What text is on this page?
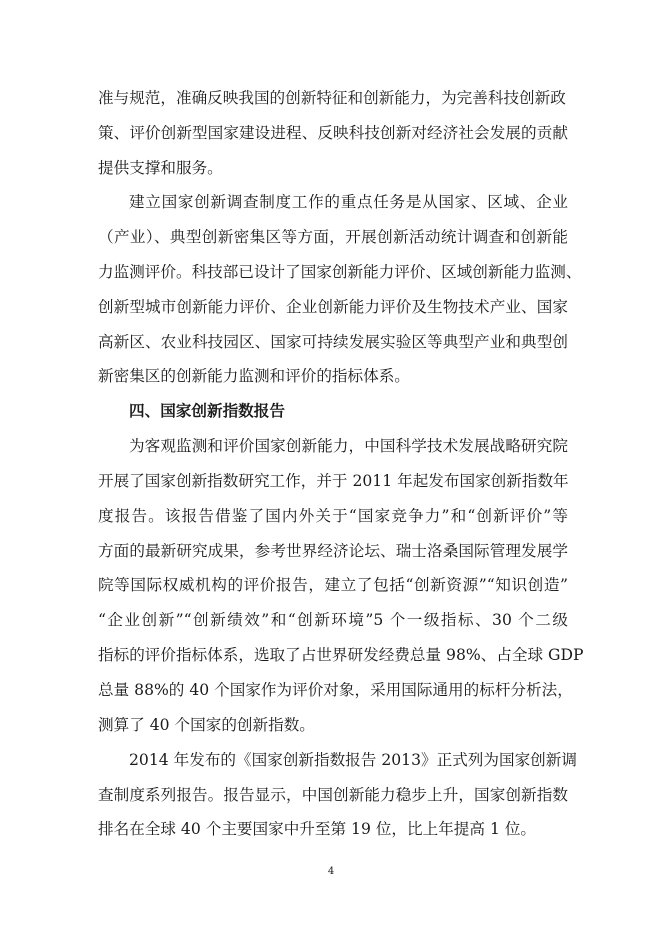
准与规范，准确反映我国的创新特征和创新能力，为完善科技创新政
策、评价创新型国家建设进程、反映科技创新对经济社会发展的贡献
提供支撑和服务。
建立国家创新调查制度工作的重点任务是从国家、区域、企业
（产业）、典型创新密集区等方面，开展创新活动统计调查和创新能
力监测评价。科技部已设计了国家创新能力评价、区域创新能力监测、
创新型城市创新能力评价、企业创新能力评价及生物技术产业、国家
高新区、农业科技园区、国家可持续发展实验区等典型产业和典型创
新密集区的创新能力监测和评价的指标体系。
四、国家创新指数报告
为客观监测和评价国家创新能力，中国科学技术发展战略研究院
开展了国家创新指数研究工作，并于 2011 年起发布国家创新指数年
度报告。该报告借鉴了国内外关于“国家竞争力”和“创新评价”等
方面的最新研究成果，参考世界经济论坛、瑞士洛桑国际管理发展学
院等国际权威机构的评价报告，建立了包括“创新资源”“知识创造”
“企业创新”“创新绩效”和“创新环境”5 个一级指标、30 个二级
指标的评价指标体系，选取了占世界研发经费总量 98%、占全球 GDP
总量 88%的 40 个国家作为评价对象，采用国际通用的标杆分析法，
测算了 40 个国家的创新指数。
2014 年发布的《国家创新指数报告 2013》正式列为国家创新调
查制度系列报告。报告显示，中国创新能力稳步上升，国家创新指数
排名在全球 40 个主要国家中升至第 19 位，比上年提高 1 位。
4
